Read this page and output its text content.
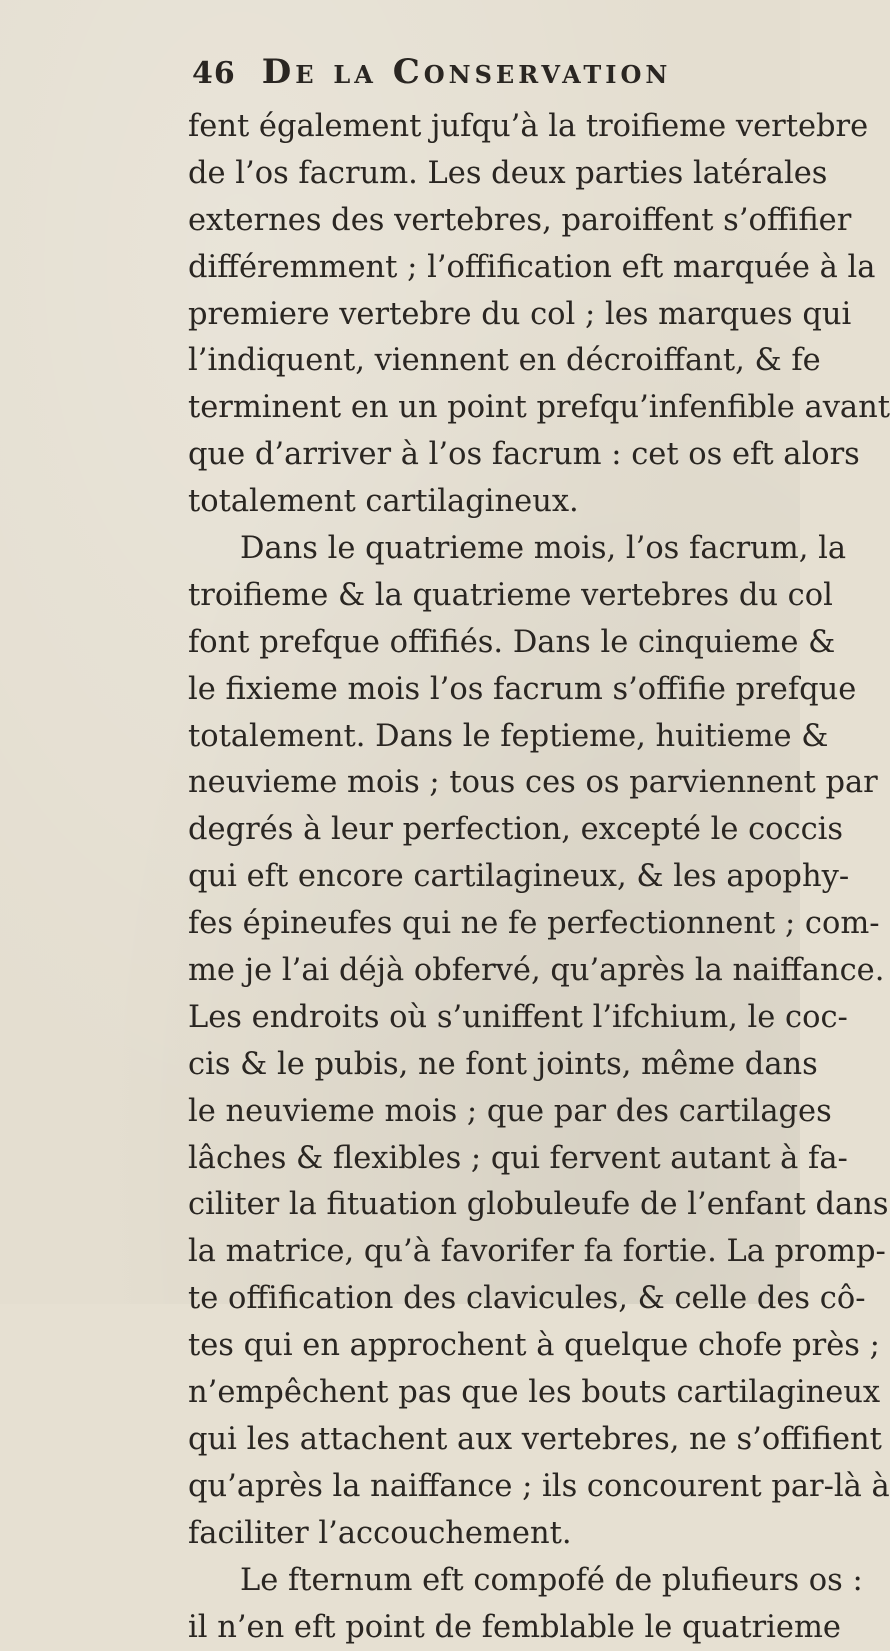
46 De la Conservation
fent également jufqu’à la troifieme vertebre
de l’os facrum. Les deux parties latérales
externes des vertebres, paroiffent s’offifier
différemment ; l’offification eft marquée à la
premiere vertebre du col ; les marques qui
l’indiquent, viennent en décroiffant, & fe
terminent en un point prefqu’infenfible avant
que d’arriver à l’os facrum : cet os eft alors
totalement cartilagineux.
Dans le quatrieme mois, l’os facrum, la
troifieme & la quatrieme vertebres du col
font prefque offifiés. Dans le cinquieme &
le fixieme mois l’os facrum s’offifie prefque
totalement. Dans le feptieme, huitieme &
neuvieme mois ; tous ces os parviennent par
degrés à leur perfection, excepté le coccis
qui eft encore cartilagineux, & les apophy-
fes épineufes qui ne fe perfectionnent ; com-
me je l’ai déjà obfervé, qu’après la naiffance.
Les endroits où s’uniffent l’ifchium, le coc-
cis & le pubis, ne font joints, même dans
le neuvieme mois ; que par des cartilages
lâches & flexibles ; qui fervent autant à fa-
ciliter la fituation globuleufe de l’enfant dans
la matrice, qu’à favorifer fa fortie. La promp-
te offification des clavicules, & celle des cô-
tes qui en approchent à quelque chofe près ;
n’empêchent pas que les bouts cartilagineux
qui les attachent aux vertebres, ne s’offifient
qu’après la naiffance ; ils concourent par-là à
faciliter l’accouchement.
Le fternum eft compofé de plufieurs os :
il n’en eft point de femblable le quatrieme
